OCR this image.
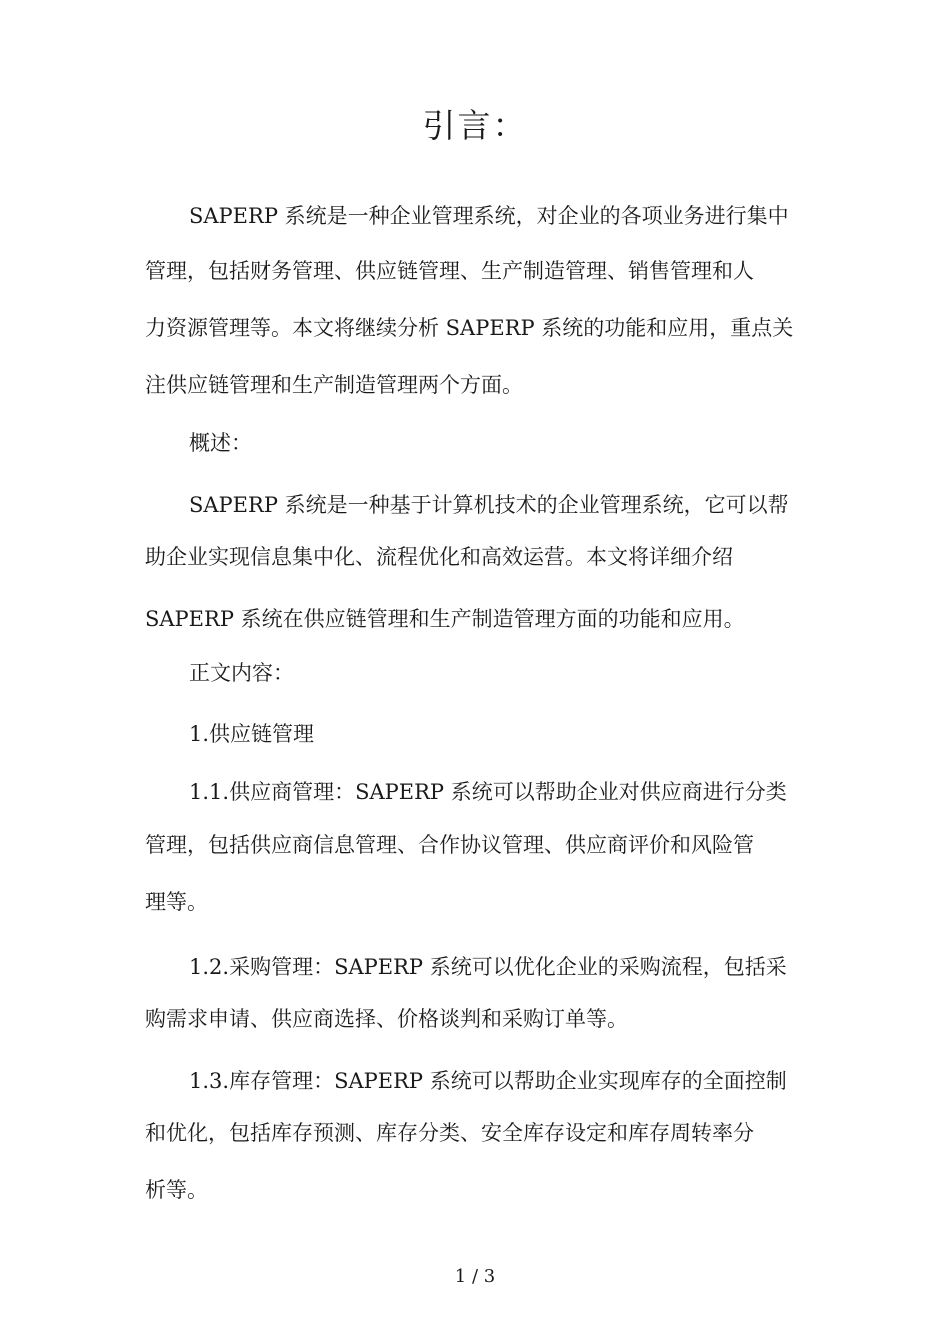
引言：
SAPERP 系统是一种企业管理系统，对企业的各项业务进行集中
管理，包括财务管理、供应链管理、生产制造管理、销售管理和人
力资源管理等。本文将继续分析 SAPERP 系统的功能和应用，重点关
注供应链管理和生产制造管理两个方面。
概述：
SAPERP 系统是一种基于计算机技术的企业管理系统，它可以帮
助企业实现信息集中化、流程优化和高效运营。本文将详细介绍
SAPERP 系统在供应链管理和生产制造管理方面的功能和应用。
正文内容：
1.供应链管理
1.1.供应商管理：SAPERP 系统可以帮助企业对供应商进行分类
管理，包括供应商信息管理、合作协议管理、供应商评价和风险管
理等。
1.2.采购管理：SAPERP 系统可以优化企业的采购流程，包括采
购需求申请、供应商选择、价格谈判和采购订单等。
1.3.库存管理：SAPERP 系统可以帮助企业实现库存的全面控制
和优化，包括库存预测、库存分类、安全库存设定和库存周转率分
析等。
1 / 3
